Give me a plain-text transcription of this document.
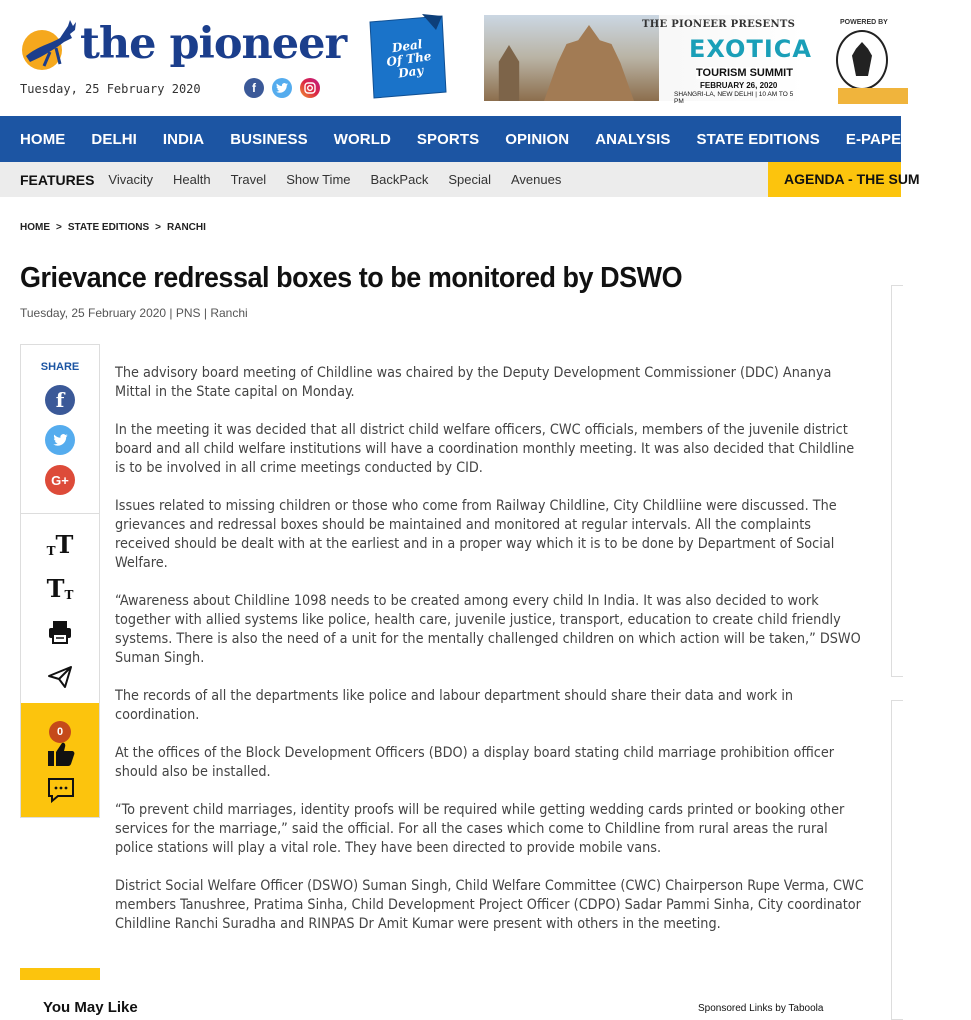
the pioneer
Tuesday, 25 February 2020	f
Deal Of The Day
THE PIONEER PRESENTS
EXOTICA
TOURISM SUMMIT
FEBRUARY 26, 2020
SHANGRI-LA, NEW DELHI | 10 AM TO 5 PM
POWERED BY
HOME DELHI INDIA BUSINESS WORLD SPORTS OPINION ANALYSIS STATE EDITIONS E-PAPER ARC
FEATURES Vivacity Health Travel Show Time BackPack Special Avenues	AGENDA - THE SUM
HOME > STATE EDITIONS > RANCHI
Grievance redressal boxes to be monitored by DSWO
Tuesday, 25 February 2020 | PNS | Ranchi
SHARE
f
G+
T T
T T
0

The advisory board meeting of Childline was chaired by the Deputy Development Commissioner (DDC) Ananya Mittal in the State capital on Monday.

In the meeting it was decided that all district child welfare officers, CWC officials, members of the juvenile district board and all child welfare institutions will have a coordination monthly meeting. It was also decided that Childline is to be involved in all crime meetings conducted by CID.

Issues related to missing children or those who come from Railway Childline, City Childliine were discussed. The grievances and redressal boxes should be maintained and monitored at regular intervals. All the complaints received should be dealt with at the earliest and in a proper way which it is to be done by Department of Social Welfare.

“Awareness about Childline 1098 needs to be created among every child In India. It was also decided to work together with allied systems like police, health care, juvenile justice, transport, education to create child friendly systems. There is also the need of a unit for the mentally challenged children on which action will be taken,” DSWO Suman Singh.

The records of all the departments like police and labour department should share their data and work in coordination.

At the offices of the Block Development Officers (BDO) a display board stating child marriage prohibition officer should also be installed.

“To prevent child marriages, identity proofs will be required while getting wedding cards printed or booking other services for the marriage,” said the official. For all the cases which come to Childline from rural areas the rural police stations will play a vital role. They have been directed to provide mobile vans.

District Social Welfare Officer (DSWO) Suman Singh, Child Welfare Committee (CWC) Chairperson Rupe Verma, CWC members Tanushree, Pratima Sinha, Child Development Project Officer (CDPO) Sadar Pammi Sinha, City coordinator Childline Ranchi Suradha and RINPAS Dr Amit Kumar were present with others in the meeting.

You May Like	Sponsored Links by Taboola
